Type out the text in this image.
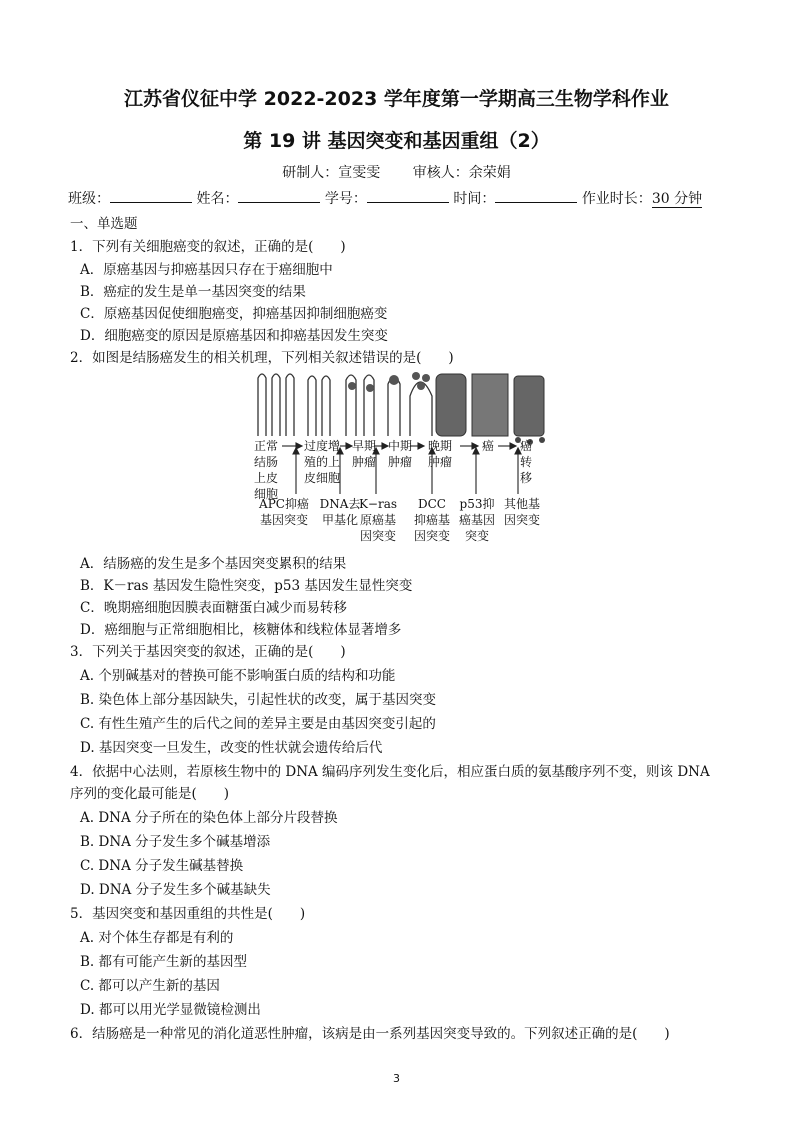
江苏省仪征中学 2022-2023 学年度第一学期高三生物学科作业
第 19 讲 基因突变和基因重组（2）
研制人：宣雯雯 审核人：余荣娟
班级：	姓名：	学号：	时间：	作业时长：30 分钟
一、单选题
1．下列有关细胞癌变的叙述，正确的是(　　)
A．原癌基因与抑癌基因只存在于癌细胞中
B．癌症的发生是单一基因突变的结果
C．原癌基因促使细胞癌变，抑癌基因抑制细胞癌变
D．细胞癌变的原因是原癌基因和抑癌基因发生突变
2．如图是结肠癌发生的相关机理，下列相关叙述错误的是(　　)
正常
结肠
上皮
细胞
过度增
殖的上
皮细胞
早期
肿瘤
中期
肿瘤
晚期
肿瘤
癌	癌
转
移
APC抑癌
基因突变
DNA去
甲基化
K−ras
原癌基
因突变
DCC
抑癌基
因突变
p53抑
癌基因
突变
其他基
因突变
A．结肠癌的发生是多个基因突变累积的结果
B．K－ras 基因发生隐性突变，p53 基因发生显性突变
C．晚期癌细胞因膜表面糖蛋白减少而易转移
D．癌细胞与正常细胞相比，核糖体和线粒体显著增多
3．下列关于基因突变的叙述，正确的是(　　)
A. 个别碱基对的替换可能不影响蛋白质的结构和功能
B. 染色体上部分基因缺失，引起性状的改变，属于基因突变
C. 有性生殖产生的后代之间的差异主要是由基因突变引起的
D. 基因突变一旦发生，改变的性状就会遗传给后代
4．依据中心法则，若原核生物中的 DNA 编码序列发生变化后，相应蛋白质的氨基酸序列不变，则该 DNA
序列的变化最可能是(　　)
A. DNA 分子所在的染色体上部分片段替换
B. DNA 分子发生多个碱基增添
C. DNA 分子发生碱基替换
D. DNA 分子发生多个碱基缺失
5．基因突变和基因重组的共性是(　　)
A. 对个体生存都是有利的
B. 都有可能产生新的基因型
C. 都可以产生新的基因
D. 都可以用光学显微镜检测出
6．结肠癌是一种常见的消化道恶性肿瘤，该病是由一系列基因突变导致的。下列叙述正确的是(　　)
3
